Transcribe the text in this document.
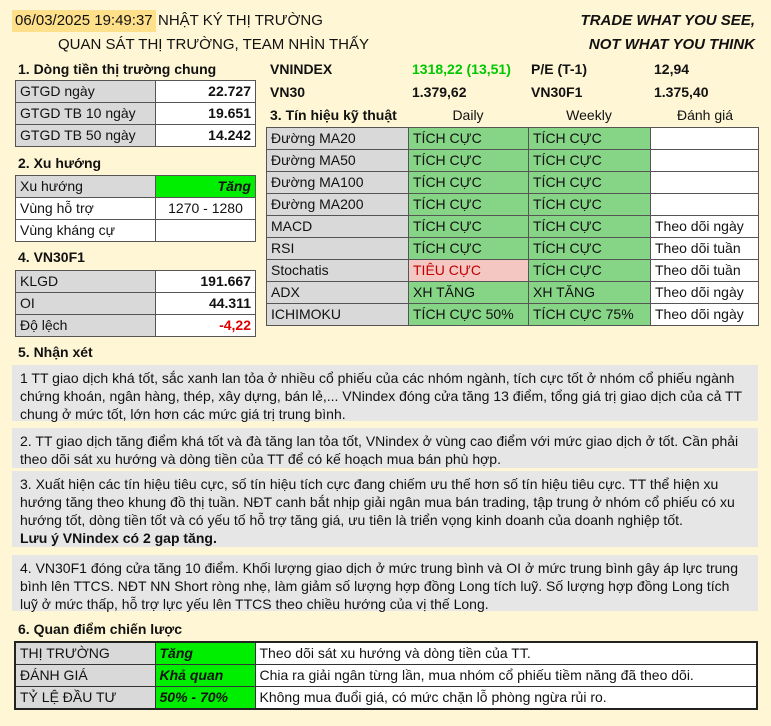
06/03/2025 19:49:37 NHẬT KÝ THỊ TRƯỜNG
QUAN SÁT THỊ TRƯỜNG, TEAM NHÌN THẤY
TRADE WHAT YOU SEE,
NOT WHAT YOU THINK
1. Dòng tiền thị trường chung
GTGD ngày	22.727
GTGD TB 10 ngày	19.651
GTGD TB 50 ngày	14.242
2. Xu hướng
Xu hướng	Tăng
Vùng hỗ trợ	1270 - 1280
Vùng kháng cự	
4. VN30F1
KLGD	191.667
OI	44.311
Độ lệch	-4,22
VNINDEX	1318,22 (13,51) P/E (T-1)	12,94
VN30	1.379,62	VN30F1	1.375,40
3. Tín hiệu kỹ thuật	Daily	Weekly	Đánh giá
Đường MA20	TÍCH CỰC	TÍCH CỰC	
Đường MA50	TÍCH CỰC	TÍCH CỰC	
Đường MA100	TÍCH CỰC	TÍCH CỰC	
Đường MA200	TÍCH CỰC	TÍCH CỰC	
MACD	TÍCH CỰC	TÍCH CỰC	Theo dõi ngày
RSI	TÍCH CỰC	TÍCH CỰC	Theo dõi tuần
Stochatis	TIÊU CỰC	TÍCH CỰC	Theo dõi tuần
ADX	XH TĂNG	XH TĂNG	Theo dõi ngày
ICHIMOKU	TÍCH CỰC 50%	TÍCH CỰC 75%	Theo dõi ngày
5. Nhận xét
1 TT giao dịch khá tốt, sắc xanh lan tỏa ở nhiều cổ phiếu của các nhóm ngành, tích cực tốt ở nhóm cổ phiếu ngành chứng khoán, ngân hàng, thép, xây dựng, bán lẻ,... VNindex đóng cửa tăng 13 điểm, tổng giá trị giao dịch của cả TT chung ở mức tốt, lớn hơn các mức giá trị trung bình.
2. TT giao dịch tăng điểm khá tốt và đà tăng lan tỏa tốt, VNindex ở vùng cao điểm với mức giao dịch ở tốt. Cần phải theo dõi sát xu hướng và dòng tiền của TT để có kế hoạch mua bán phù hợp.
3. Xuất hiện các tín hiệu tiêu cực, số tín hiệu tích cực đang chiếm ưu thế hơn số tín hiệu tiêu cực. TT thể hiện xu hướng tăng theo khung đồ thị tuần. NĐT canh bắt nhịp giải ngân mua bán trading, tập trung ở nhóm cổ phiếu có xu hướng tốt, dòng tiền tốt và có yếu tố hỗ trợ tăng giá, ưu tiên là triển vọng kinh doanh của doanh nghiệp tốt.
Lưu ý VNindex có 2 gap tăng.
4. VN30F1 đóng cửa tăng 10 điểm. Khối lượng giao dịch ở mức trung bình và OI ở mức trung bình gây áp lực trung bình lên TTCS. NĐT NN Short ròng nhẹ, làm giảm số lượng hợp đồng Long tích luỹ. Số lượng hợp đồng Long tích luỹ ở mức thấp, hỗ trợ lực yếu lên TTCS theo chiều hướng của vị thế Long.
6. Quan điểm chiến lược
THỊ TRƯỜNG	Tăng	Theo dõi sát xu hướng và dòng tiền của TT.
ĐÁNH GIÁ	Khả quan	Chia ra giải ngân từng lần, mua nhóm cổ phiếu tiềm năng đã theo dõi.
TỶ LỆ ĐẦU TƯ	50% - 70%	Không mua đuổi giá, có mức chặn lỗ phòng ngừa rủi ro.
